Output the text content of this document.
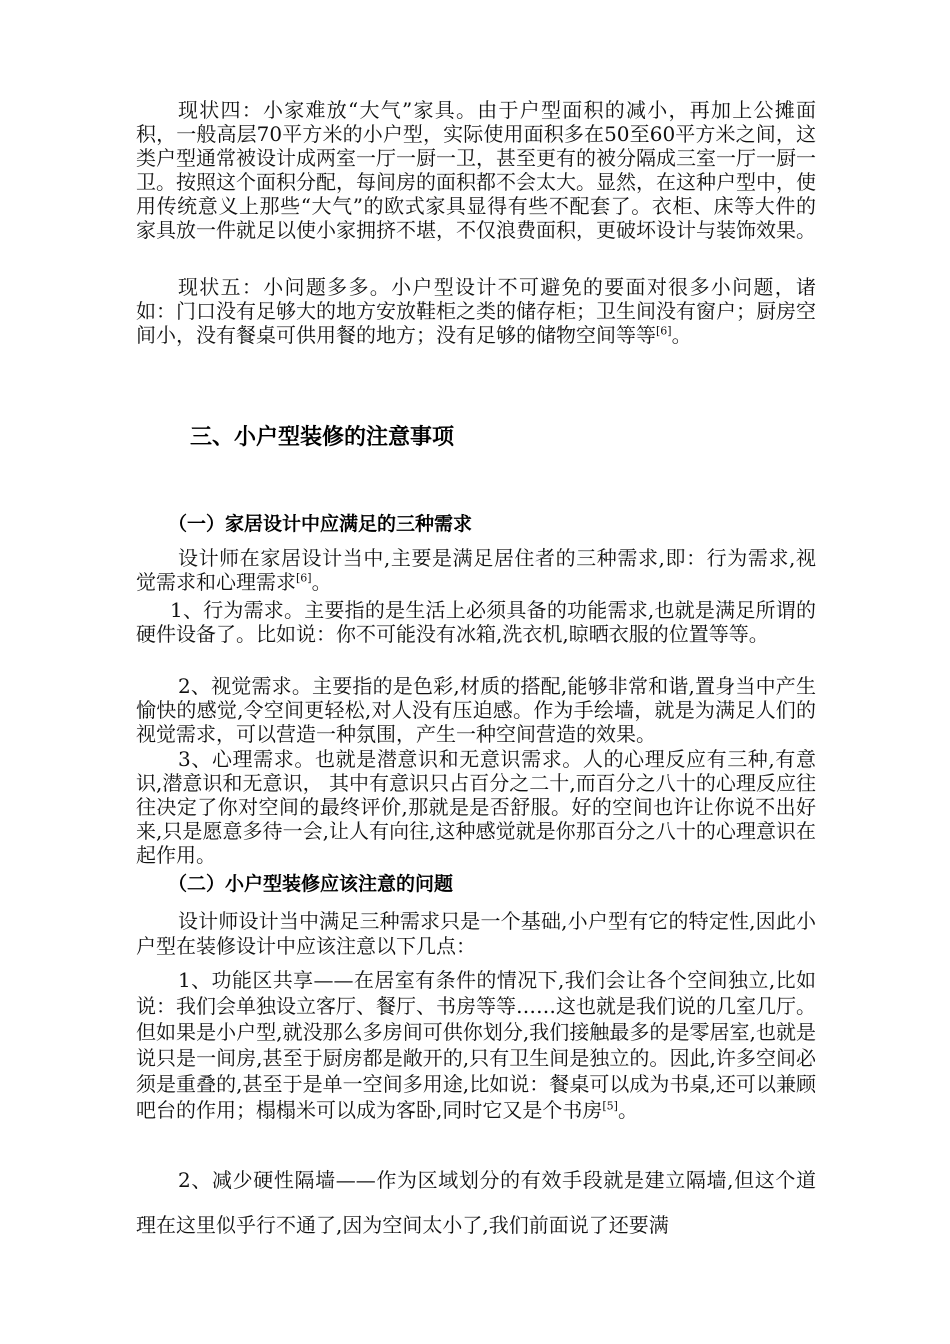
现状四：小家难放“大气”家具。由于户型面积的减小，再加上公摊面积，一般高层70平方米的小户型，实际使用面积多在50至60平方米之间，这类户型通常被设计成两室一厅一厨一卫，甚至更有的被分隔成三室一厅一厨一卫。按照这个面积分配，每间房的面积都不会太大。显然，在这种户型中，使用传统意义上那些“大气”的欧式家具显得有些不配套了。衣柜、床等大件的家具放一件就足以使小家拥挤不堪，不仅浪费面积，更破坏设计与装饰效果。

现状五：小问题多多。小户型设计不可避免的要面对很多小问题，诸如：门口没有足够大的地方安放鞋柜之类的储存柜；卫生间没有窗户；厨房空间小，没有餐桌可供用餐的地方；没有足够的储物空间等等[6]。

三、小户型装修的注意事项
（一）家居设计中应满足的三种需求

设计师在家居设计当中,主要是满足居住者的三种需求,即：行为需求,视觉需求和心理需求[6]。

1、行为需求。主要指的是生活上必须具备的功能需求,也就是满足所谓的硬件设备了。比如说：你不可能没有冰箱,洗衣机,晾晒衣服的位置等等。

2、视觉需求。主要指的是色彩,材质的搭配,能够非常和谐,置身当中产生愉快的感觉,令空间更轻松,对人没有压迫感。作为手绘墙，就是为满足人们的视觉需求，可以营造一种氛围，产生一种空间营造的效果。

3、心理需求。也就是潜意识和无意识需求。人的心理反应有三种,有意识,潜意识和无意识， 其中有意识只占百分之二十,而百分之八十的心理反应往往决定了你对空间的最终评价,那就是是否舒服。好的空间也许让你说不出好来,只是愿意多待一会,让人有向往,这种感觉就是你那百分之八十的心理意识在起作用。

（二）小户型装修应该注意的问题

设计师设计当中满足三种需求只是一个基础,小户型有它的特定性,因此小户型在装修设计中应该注意以下几点：

1、功能区共享——在居室有条件的情况下,我们会让各个空间独立,比如说：我们会单独设立客厅、餐厅、书房等等……这也就是我们说的几室几厅。但如果是小户型,就没那么多房间可供你划分,我们接触最多的是零居室,也就是说只是一间房,甚至于厨房都是敞开的,只有卫生间是独立的。因此,许多空间必须是重叠的,甚至于是单一空间多用途,比如说：餐桌可以成为书桌,还可以兼顾吧台的作用；榻榻米可以成为客卧,同时它又是个书房[5]。

2、减少硬性隔墙——作为区域划分的有效手段就是建立隔墙,但这个道理在这里似乎行不通了,因为空间太小了,我们前面说了还要满
